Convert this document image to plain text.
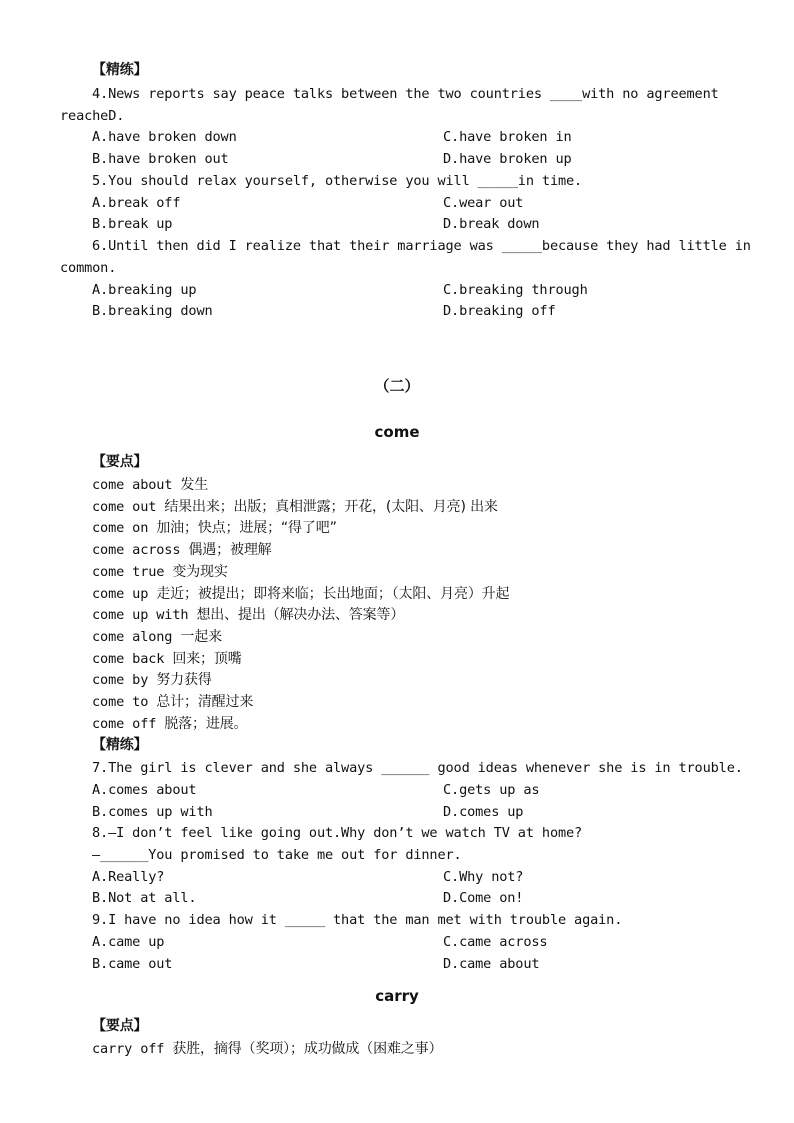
【精练】
4.News reports say peace talks between the two countries ____with no agreement
reacheD.
A.have broken down	C.have broken in
B.have broken out	D.have broken up
5.You should relax yourself, otherwise you will _____in time.
A.break off	C.wear out
B.break up	D.break down
6.Until then did I realize that their marriage was _____because they had little in
common.
A.breaking up	C.breaking through
B.breaking down	D.breaking off
（二）
come
【要点】
come about 发生
come out 结果出来；出版；真相泄露；开花，(太阳、月亮) 出来
come on 加油；快点；进展；“得了吧”
come across 偶遇；被理解
come true 变为现实
come up 走近；被提出；即将来临；长出地面；（太阳、月亮）升起
come up with 想出、提出（解决办法、答案等）
come along 一起来
come back 回来；顶嘴
come by 努力获得
come to 总计；清醒过来
come off 脱落；进展。
【精练】
7.The girl is clever and she always ______ good ideas whenever she is in trouble.
A.comes about	C.gets up as
B.comes up with	D.comes up
8.—I don’t feel like going out.Why don’t we watch TV at home?
—______You promised to take me out for dinner.
A.Really?	C.Why not?
B.Not at all.	D.Come on!
9.I have no idea how it _____ that the man met with trouble again.
A.came up	C.came across
B.came out	D.came about
carry
【要点】
carry off 获胜，摘得（奖项）；成功做成（困难之事）
